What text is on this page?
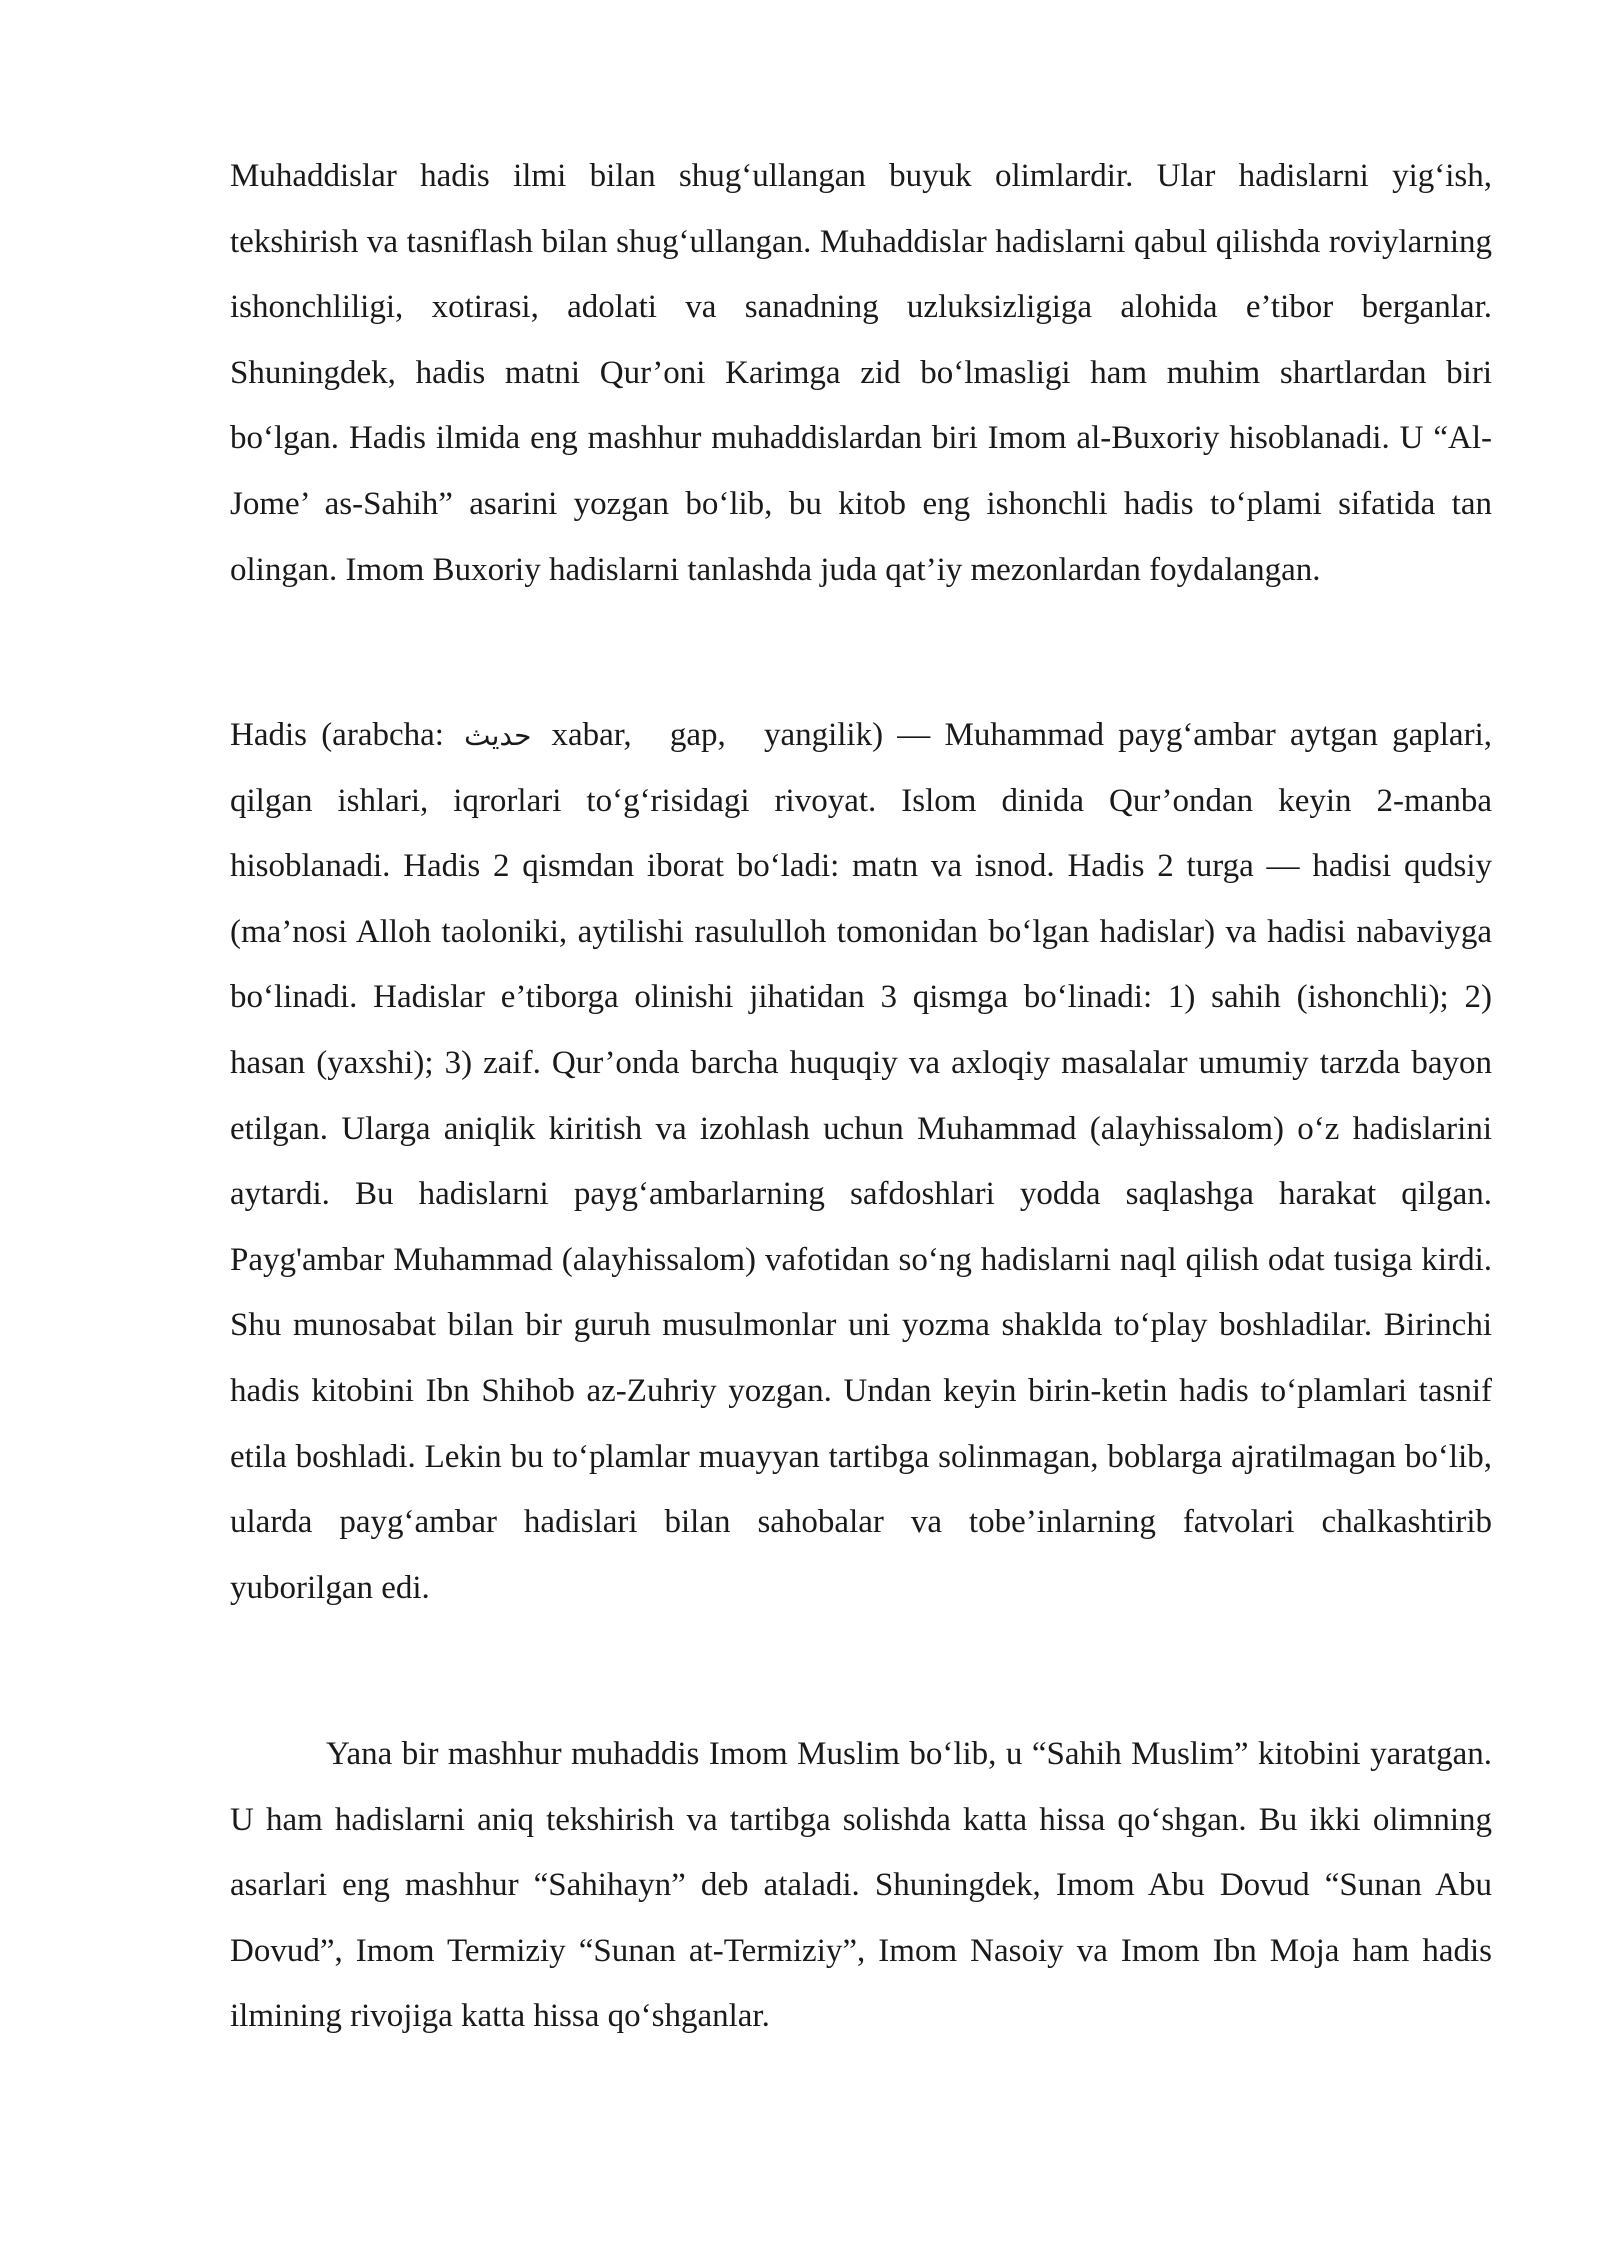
Muhaddislar hadis ilmi bilan shug‘ullangan buyuk olimlardir. Ular hadislarni yig‘ish, tekshirish va tasniflash bilan shug‘ullangan. Muhaddislar hadislarni qabul qilishda roviylarning ishonchliligi, xotirasi, adolati va sanadning uzluksizligiga alohida e’tibor berganlar. Shuningdek, hadis matni Qur’oni Karimga zid bo‘lmasligi ham muhim shartlardan biri bo‘lgan. Hadis ilmida eng mashhur muhaddislardan biri Imom al-Buxoriy hisoblanadi. U “Al-Jome’ as-Sahih” asarini yozgan bo‘lib, bu kitob eng ishonchli hadis to‘plami sifatida tan olingan. Imom Buxoriy hadislarni tanlashda juda qat’iy mezonlardan foydalangan.

Hadis (arabcha: حديث xabar, gap, yangilik) — Muhammad payg‘ambar aytgan gaplari, qilgan ishlari, iqrorlari to‘g‘risidagi rivoyat. Islom dinida Qur’ondan keyin 2-manba hisoblanadi. Hadis 2 qismdan iborat bo‘ladi: matn va isnod. Hadis 2 turga — hadisi qudsiy (ma’nosi Alloh taoloniki, aytilishi rasululloh tomonidan bo‘lgan hadislar) va hadisi nabaviyga bo‘linadi. Hadislar e’tiborga olinishi jihatidan 3 qismga bo‘linadi: 1) sahih (ishonchli); 2) hasan (yaxshi); 3) zaif. Qur’onda barcha huquqiy va axloqiy masalalar umumiy tarzda bayon etilgan. Ularga aniqlik kiritish va izohlash uchun Muhammad (alayhissalom) o‘z hadislarini aytardi. Bu hadislarni payg‘ambarlarning safdoshlari yodda saqlashga harakat qilgan. Payg'ambar Muhammad (alayhissalom) vafotidan so‘ng hadislarni naql qilish odat tusiga kirdi. Shu munosabat bilan bir guruh musulmonlar uni yozma shaklda to‘play boshladilar. Birinchi hadis kitobini Ibn Shihob az-Zuhriy yozgan. Undan keyin birin-ketin hadis to‘plamlari tasnif etila boshladi. Lekin bu to‘plamlar muayyan tartibga solinmagan, boblarga ajratilmagan bo‘lib, ularda payg‘ambar hadislari bilan sahobalar va tobe’inlarning fatvolari chalkashtirib yuborilgan edi.

Yana bir mashhur muhaddis Imom Muslim bo‘lib, u “Sahih Muslim” kitobini yaratgan. U ham hadislarni aniq tekshirish va tartibga solishda katta hissa qo‘shgan. Bu ikki olimning asarlari eng mashhur “Sahihayn” deb ataladi. Shuningdek, Imom Abu Dovud “Sunan Abu Dovud”, Imom Termiziy “Sunan at-Termiziy”, Imom Nasoiy va Imom Ibn Moja ham hadis ilmining rivojiga katta hissa qo‘shganlar.
